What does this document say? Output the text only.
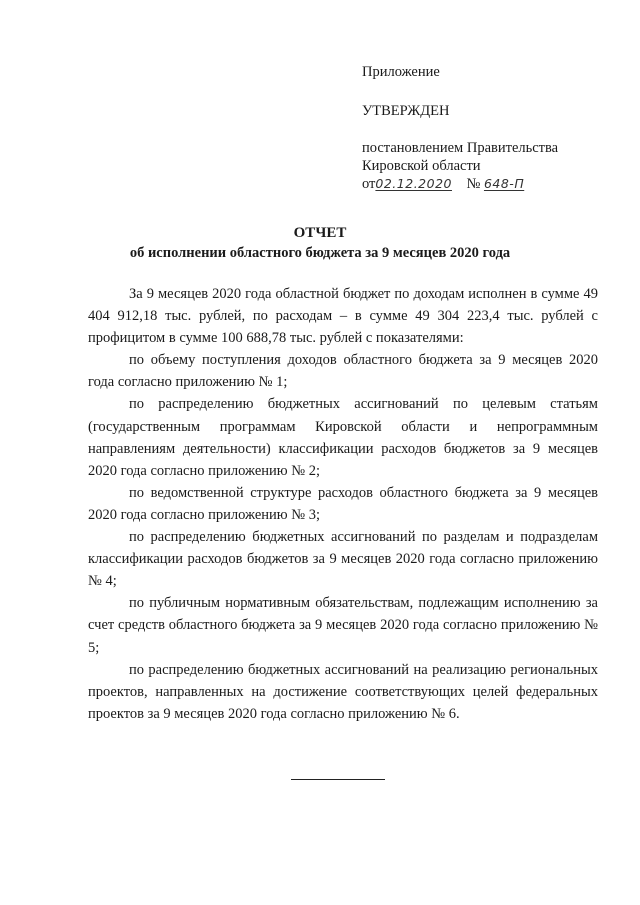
Приложение
УТВЕРЖДЕН
постановлением Правительства
Кировской области
от02.12.2020 № 648-П
ОТЧЕТ
об исполнении областного бюджета за 9 месяцев 2020 года

За 9 месяцев 2020 года областной бюджет по доходам исполнен в сумме 49 404 912,18 тыс. рублей, по расходам – в сумме 49 304 223,4 тыс. рублей с профицитом в сумме 100 688,78 тыс. рублей с показателями:

по объему поступления доходов областного бюджета за 9 месяцев 2020 года согласно приложению № 1;

по распределению бюджетных ассигнований по целевым статьям (государственным программам Кировской области и непрограммным направлениям деятельности) классификации расходов бюджетов за 9 месяцев 2020 года согласно приложению № 2;

по ведомственной структуре расходов областного бюджета за 9 месяцев 2020 года согласно приложению № 3;

по распределению бюджетных ассигнований по разделам и подразделам классификации расходов бюджетов за 9 месяцев 2020 года согласно приложению № 4;

по публичным нормативным обязательствам, подлежащим исполнению за счет средств областного бюджета за 9 месяцев 2020 года согласно приложению № 5;

по распределению бюджетных ассигнований на реализацию региональных проектов, направленных на достижение соответствующих целей федеральных проектов за 9 месяцев 2020 года согласно приложению № 6.
